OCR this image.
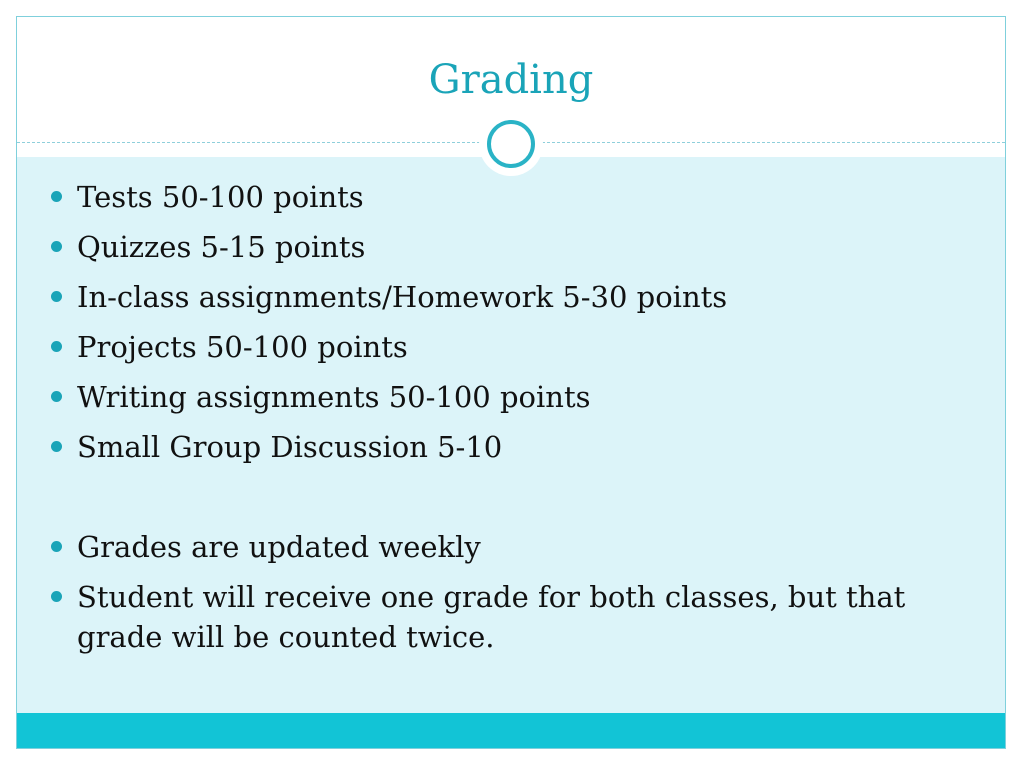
Grading
Tests 50-100 points
Quizzes 5-15 points
In-class assignments/Homework 5-30 points
Projects 50-100 points
Writing assignments 50-100 points
Small Group Discussion 5-10
Grades are updated weekly
Student will receive one grade for both classes, but that grade will be counted twice.
